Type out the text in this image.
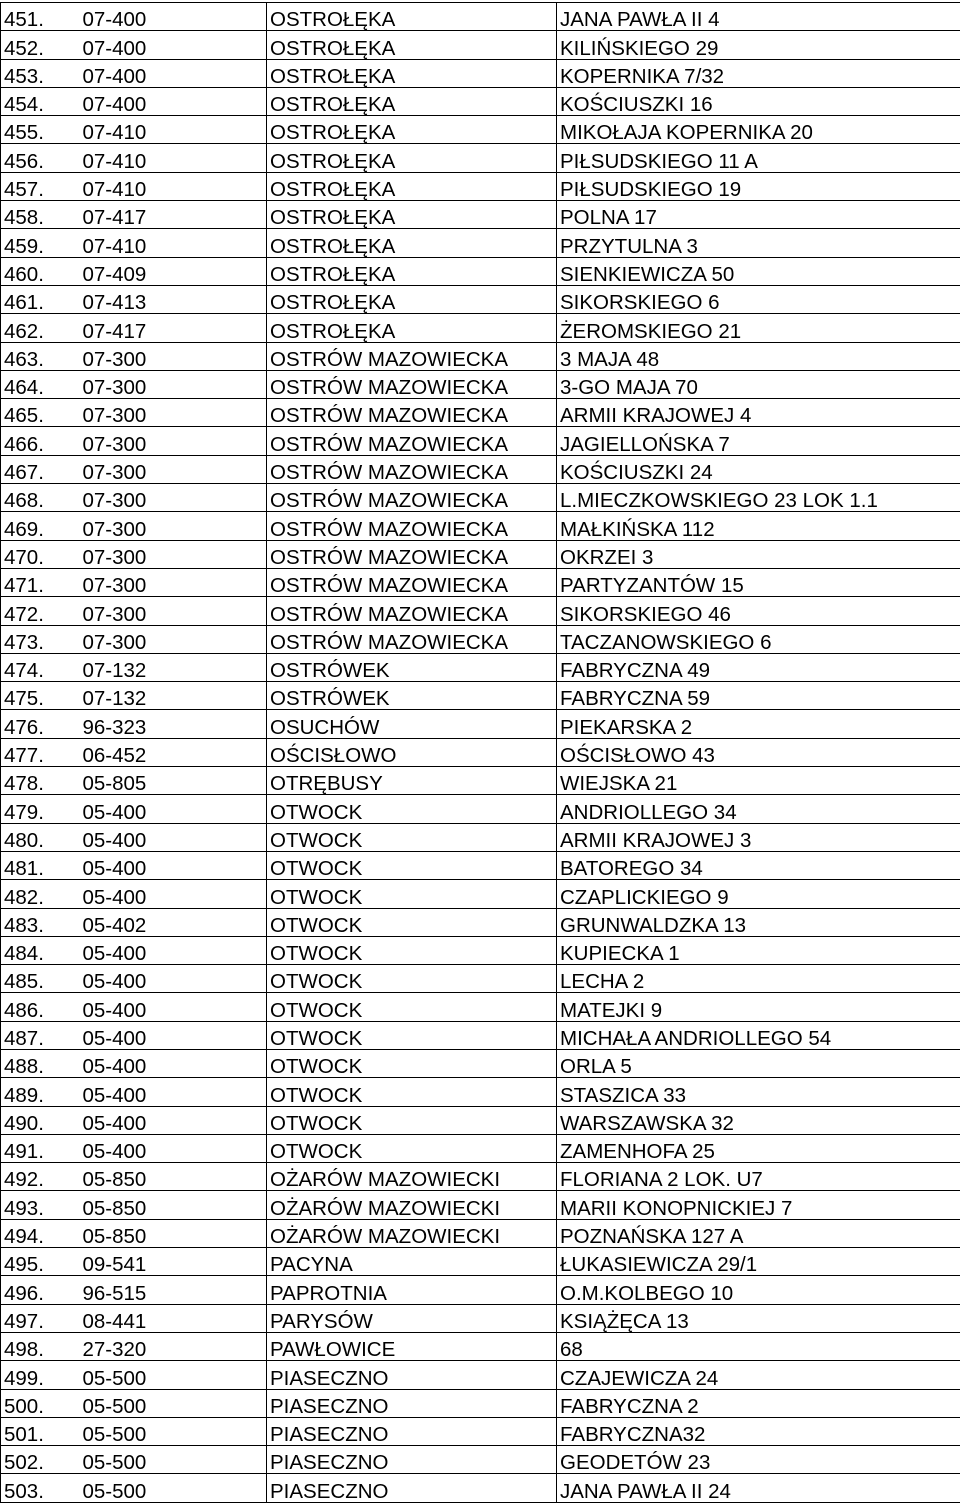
451.	07-400	OSTROŁĘKA	JANA PAWŁA II 4
452.	07-400	OSTROŁĘKA	KILIŃSKIEGO 29
453.	07-400	OSTROŁĘKA	KOPERNIKA 7/32
454.	07-400	OSTROŁĘKA	KOŚCIUSZKI 16
455.	07-410	OSTROŁĘKA	MIKOŁAJA KOPERNIKA 20
456.	07-410	OSTROŁĘKA	PIŁSUDSKIEGO 11 A
457.	07-410	OSTROŁĘKA	PIŁSUDSKIEGO 19
458.	07-417	OSTROŁĘKA	POLNA 17
459.	07-410	OSTROŁĘKA	PRZYTULNA 3
460.	07-409	OSTROŁĘKA	SIENKIEWICZA 50
461.	07-413	OSTROŁĘKA	SIKORSKIEGO 6
462.	07-417	OSTROŁĘKA	ŻEROMSKIEGO 21
463.	07-300	OSTRÓW MAZOWIECKA	3 MAJA 48
464.	07-300	OSTRÓW MAZOWIECKA	3-GO MAJA 70
465.	07-300	OSTRÓW MAZOWIECKA	ARMII KRAJOWEJ 4
466.	07-300	OSTRÓW MAZOWIECKA	JAGIELLOŃSKA 7
467.	07-300	OSTRÓW MAZOWIECKA	KOŚCIUSZKI 24
468.	07-300	OSTRÓW MAZOWIECKA	L.MIECZKOWSKIEGO 23 LOK 1.1
469.	07-300	OSTRÓW MAZOWIECKA	MAŁKIŃSKA 112
470.	07-300	OSTRÓW MAZOWIECKA	OKRZEI 3
471.	07-300	OSTRÓW MAZOWIECKA	PARTYZANTÓW 15
472.	07-300	OSTRÓW MAZOWIECKA	SIKORSKIEGO 46
473.	07-300	OSTRÓW MAZOWIECKA	TACZANOWSKIEGO 6
474.	07-132	OSTRÓWEK	FABRYCZNA 49
475.	07-132	OSTRÓWEK	FABRYCZNA 59
476.	96-323	OSUCHÓW	PIEKARSKA 2
477.	06-452	OŚCISŁOWO	OŚCISŁOWO 43
478.	05-805	OTRĘBUSY	WIEJSKA 21
479.	05-400	OTWOCK	ANDRIOLLEGO 34
480.	05-400	OTWOCK	ARMII KRAJOWEJ 3
481.	05-400	OTWOCK	BATOREGO 34
482.	05-400	OTWOCK	CZAPLICKIEGO 9
483.	05-402	OTWOCK	GRUNWALDZKA 13
484.	05-400	OTWOCK	KUPIECKA 1
485.	05-400	OTWOCK	LECHA 2
486.	05-400	OTWOCK	MATEJKI 9
487.	05-400	OTWOCK	MICHAŁA ANDRIOLLEGO 54
488.	05-400	OTWOCK	ORLA 5
489.	05-400	OTWOCK	STASZICA 33
490.	05-400	OTWOCK	WARSZAWSKA 32
491.	05-400	OTWOCK	ZAMENHOFA 25
492.	05-850	OŻARÓW MAZOWIECKI	FLORIANA 2 LOK. U7
493.	05-850	OŻARÓW MAZOWIECKI	MARII KONOPNICKIEJ 7
494.	05-850	OŻARÓW MAZOWIECKI	POZNAŃSKA 127 A
495.	09-541	PACYNA	ŁUKASIEWICZA 29/1
496.	96-515	PAPROTNIA	O.M.KOLBEGO 10
497.	08-441	PARYSÓW	KSIĄŻĘCA 13
498.	27-320	PAWŁOWICE	68
499.	05-500	PIASECZNO	CZAJEWICZA 24
500.	05-500	PIASECZNO	FABRYCZNA 2
501.	05-500	PIASECZNO	FABRYCZNA32
502.	05-500	PIASECZNO	GEODETÓW 23
503.	05-500	PIASECZNO	JANA PAWŁA II 24
